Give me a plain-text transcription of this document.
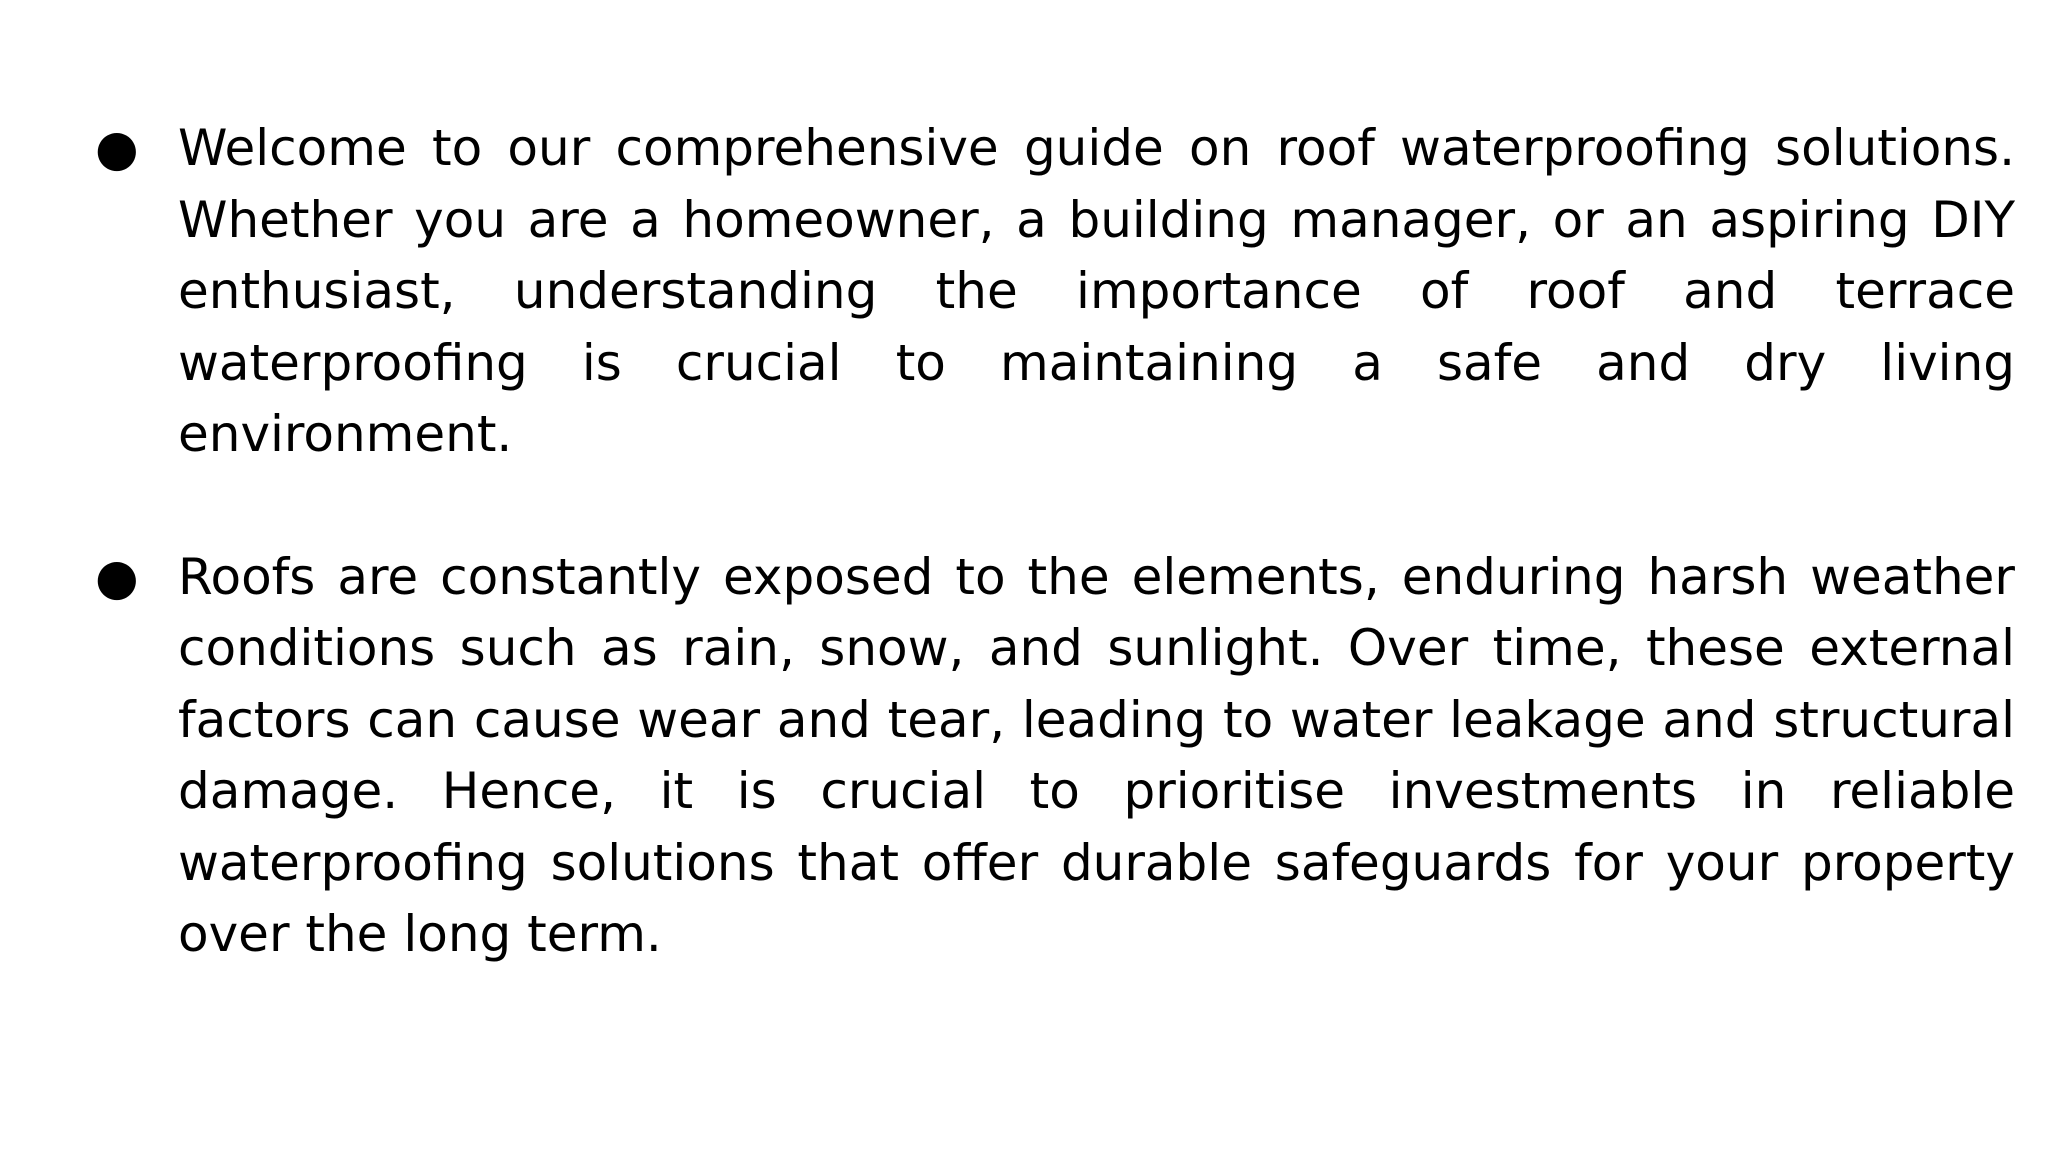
● Welcome to our comprehensive guide on roof waterproofing solutions. Whether you are a homeowner, a building manager, or an aspiring DIY enthusiast, understanding the importance of roof and terrace waterproofing is crucial to maintaining a safe and dry living environment.
● Roofs are constantly exposed to the elements, enduring harsh weather conditions such as rain, snow, and sunlight. Over time, these external factors can cause wear and tear, leading to water leakage and structural damage. Hence, it is crucial to prioritise investments in reliable waterproofing solutions that offer durable safeguards for your property over the long term.
